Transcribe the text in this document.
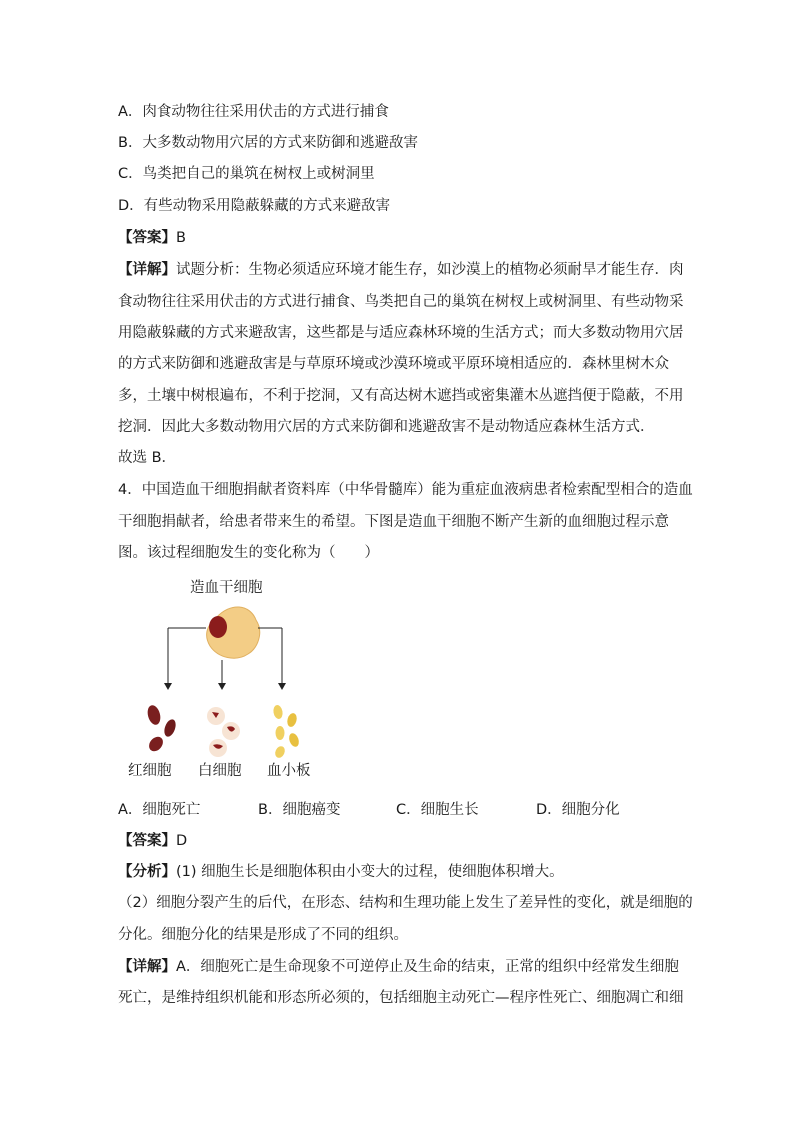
A．肉食动物往往采用伏击的方式进行捕食
B．大多数动物用穴居的方式来防御和逃避敌害
C．鸟类把自己的巢筑在树杈上或树洞里
D．有些动物采用隐蔽躲藏的方式来避敌害
【答案】B
【详解】试题分析：生物必须适应环境才能生存，如沙漠上的植物必须耐旱才能生存．肉
食动物往往采用伏击的方式进行捕食、鸟类把自己的巢筑在树杈上或树洞里、有些动物采
用隐蔽躲藏的方式来避敌害，这些都是与适应森林环境的生活方式；而大多数动物用穴居
的方式来防御和逃避敌害是与草原环境或沙漠环境或平原环境相适应的．森林里树木众
多，土壤中树根遍布，不利于挖洞，又有高达树木遮挡或密集灌木丛遮挡便于隐蔽，不用
挖洞．因此大多数动物用穴居的方式来防御和逃避敌害不是动物适应森林生活方式．
故选 B．
4．中国造血干细胞捐献者资料库（中华骨髓库）能为重症血液病患者检索配型相合的造血
干细胞捐献者，给患者带来生的希望。下图是造血干细胞不断产生新的血细胞过程示意
图。该过程细胞发生的变化称为（　　）
造血干细胞
红细胞 白细胞 血小板
A．细胞死亡	B．细胞癌变	C．细胞生长	D．细胞分化
【答案】D
【分析】(1) 细胞生长是细胞体积由小变大的过程，使细胞体积增大。
（2）细胞分裂产生的后代，在形态、结构和生理功能上发生了差异性的变化，就是细胞的
分化。细胞分化的结果是形成了不同的组织。
【详解】A．细胞死亡是生命现象不可逆停止及生命的结束，正常的组织中经常发生细胞
死亡，是维持组织机能和形态所必须的，包括细胞主动死亡—程序性死亡、细胞凋亡和细
